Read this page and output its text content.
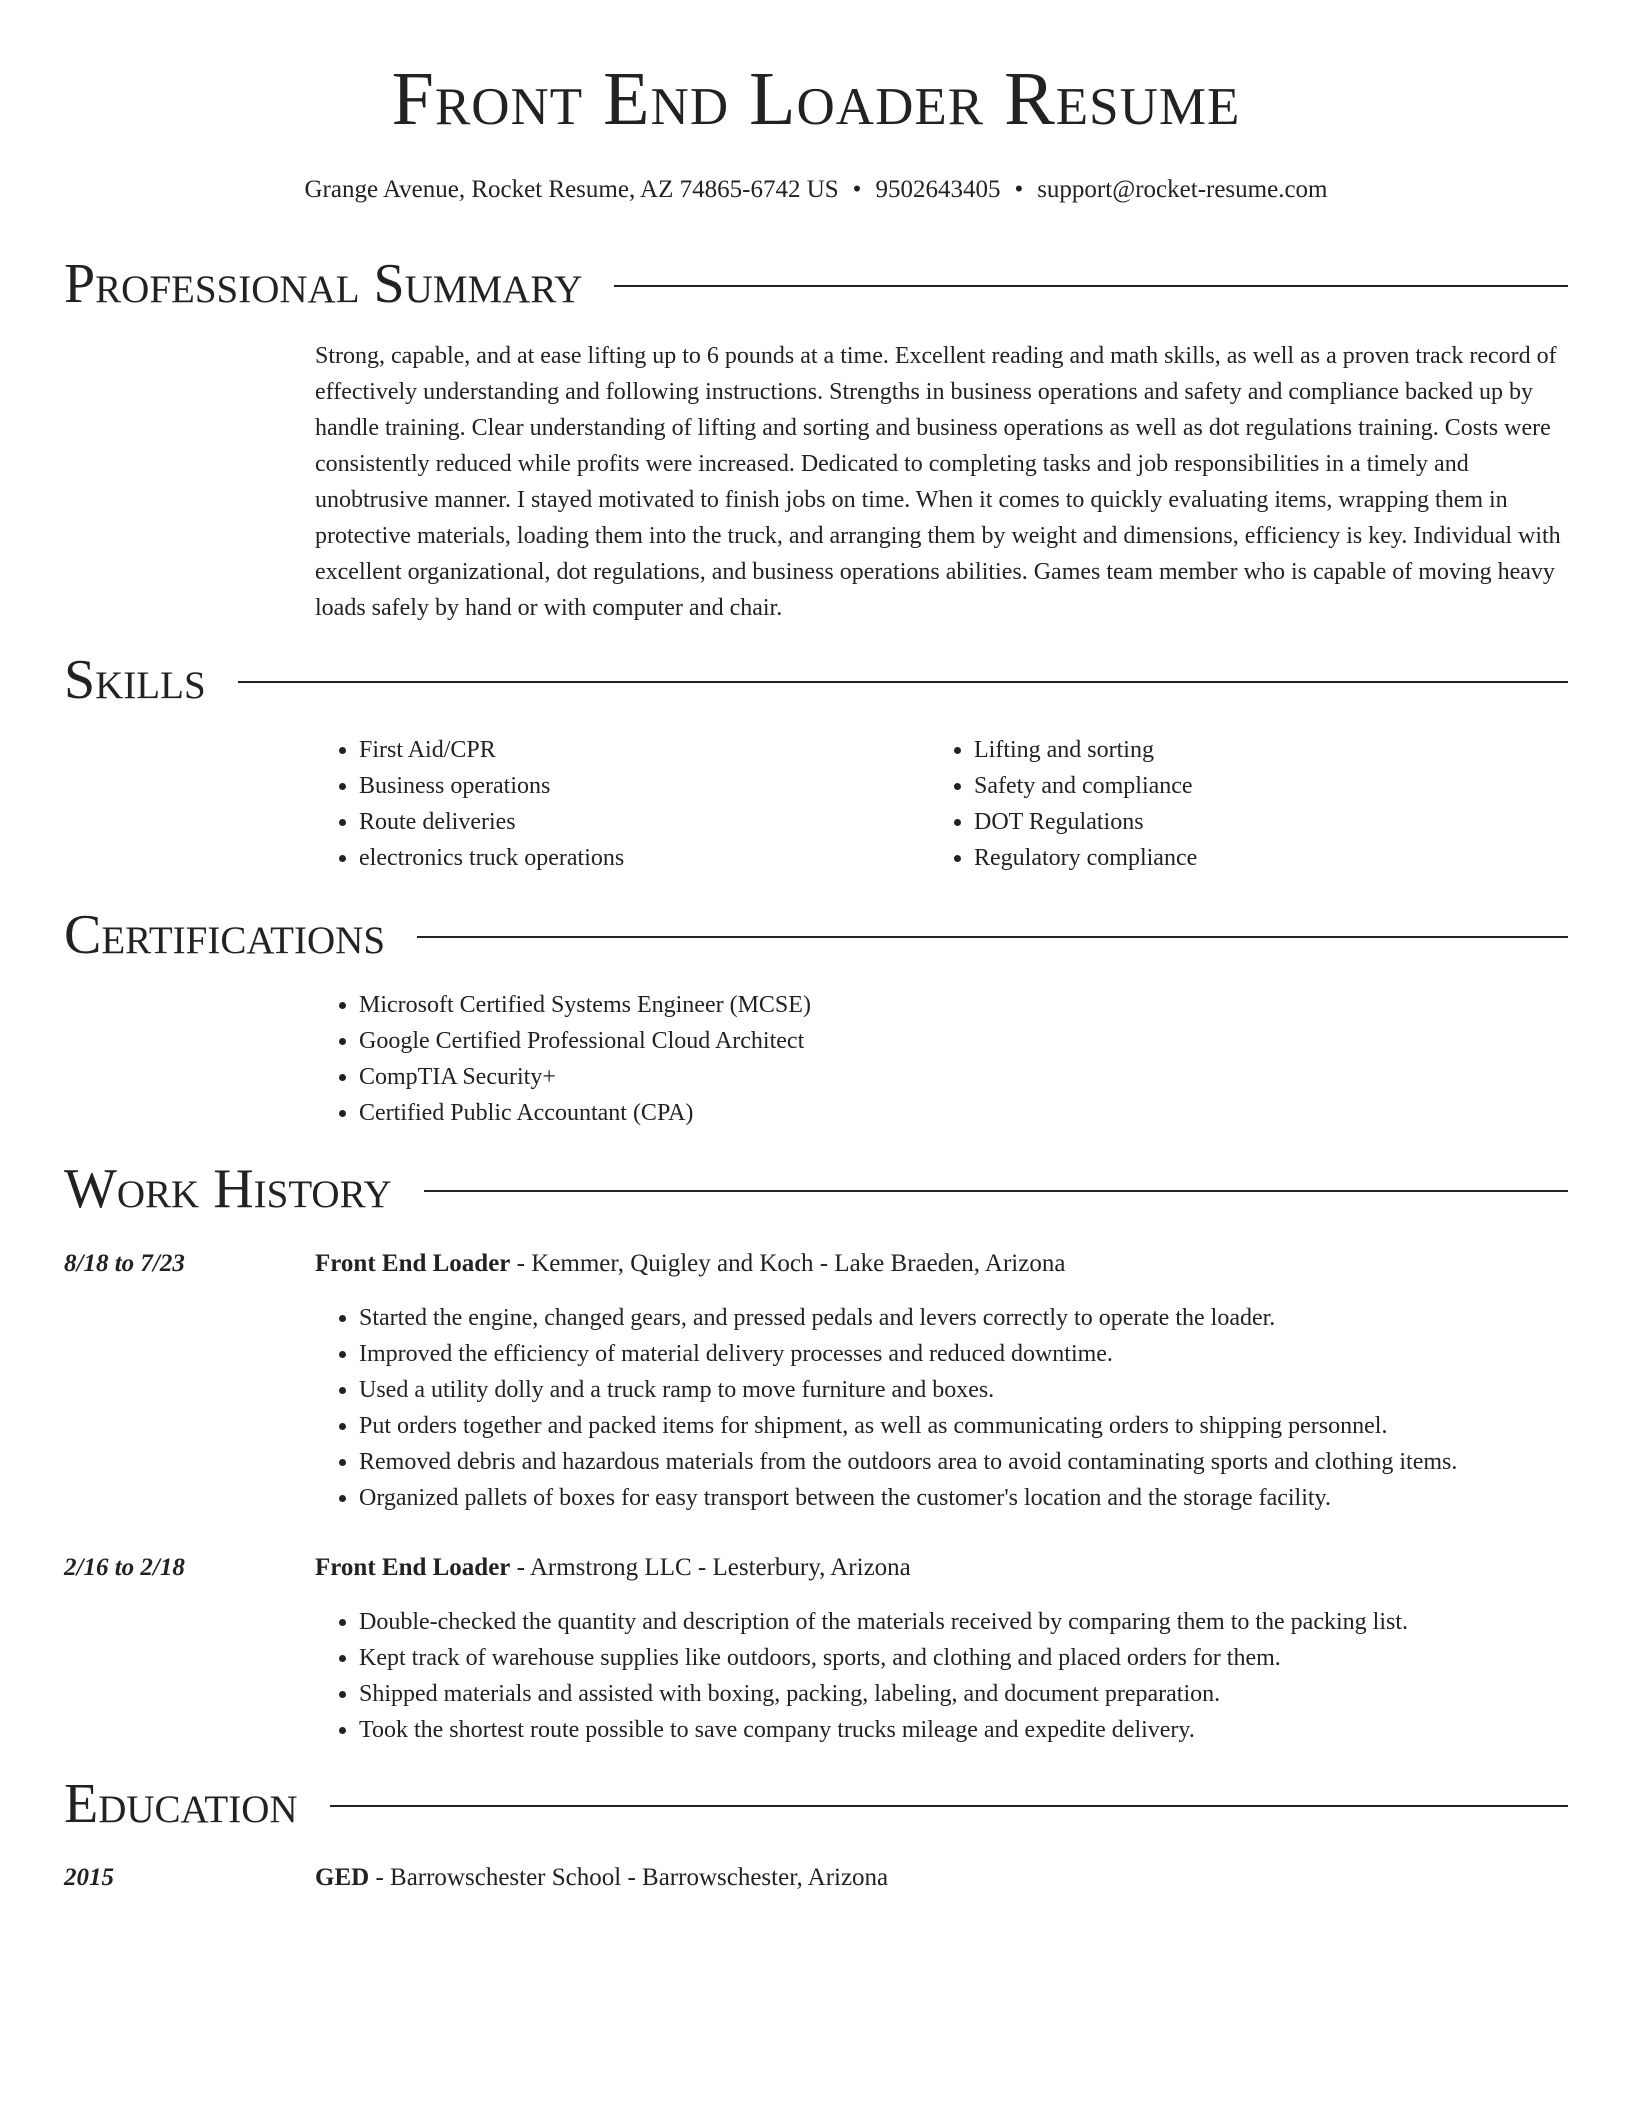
Front End Loader Resume
Grange Avenue, Rocket Resume, AZ 74865-6742 US • 9502643405 • support@rocket-resume.com
Professional Summary

Strong, capable, and at ease lifting up to 6 pounds at a time. Excellent reading and math skills, as well as a proven track record of effectively understanding and following instructions. Strengths in business operations and safety and compliance backed up by handle training. Clear understanding of lifting and sorting and business operations as well as dot regulations training. Costs were consistently reduced while profits were increased. Dedicated to completing tasks and job responsibilities in a timely and unobtrusive manner. I stayed motivated to finish jobs on time. When it comes to quickly evaluating items, wrapping them in protective materials, loading them into the truck, and arranging them by weight and dimensions, efficiency is key. Individual with excellent organizational, dot regulations, and business operations abilities. Games team member who is capable of moving heavy loads safely by hand or with computer and chair.

Skills
• First Aid/CPR
• Business operations
• Route deliveries
• electronics truck operations
• Lifting and sorting
• Safety and compliance
• DOT Regulations
• Regulatory compliance
Certifications
• Microsoft Certified Systems Engineer (MCSE)
• Google Certified Professional Cloud Architect
• CompTIA Security+
• Certified Public Accountant (CPA)
Work History
8/18 to 7/23	Front End Loader - Kemmer, Quigley and Koch - Lake Braeden, Arizona
• Started the engine, changed gears, and pressed pedals and levers correctly to operate the loader.
• Improved the efficiency of material delivery processes and reduced downtime.
• Used a utility dolly and a truck ramp to move furniture and boxes.
• Put orders together and packed items for shipment, as well as communicating orders to shipping personnel.
• Removed debris and hazardous materials from the outdoors area to avoid contaminating sports and clothing items.
• Organized pallets of boxes for easy transport between the customer's location and the storage facility.
2/16 to 2/18	Front End Loader - Armstrong LLC - Lesterbury, Arizona
• Double-checked the quantity and description of the materials received by comparing them to the packing list.
• Kept track of warehouse supplies like outdoors, sports, and clothing and placed orders for them.
• Shipped materials and assisted with boxing, packing, labeling, and document preparation.
• Took the shortest route possible to save company trucks mileage and expedite delivery.
Education
2015	GED - Barrowschester School - Barrowschester, Arizona
